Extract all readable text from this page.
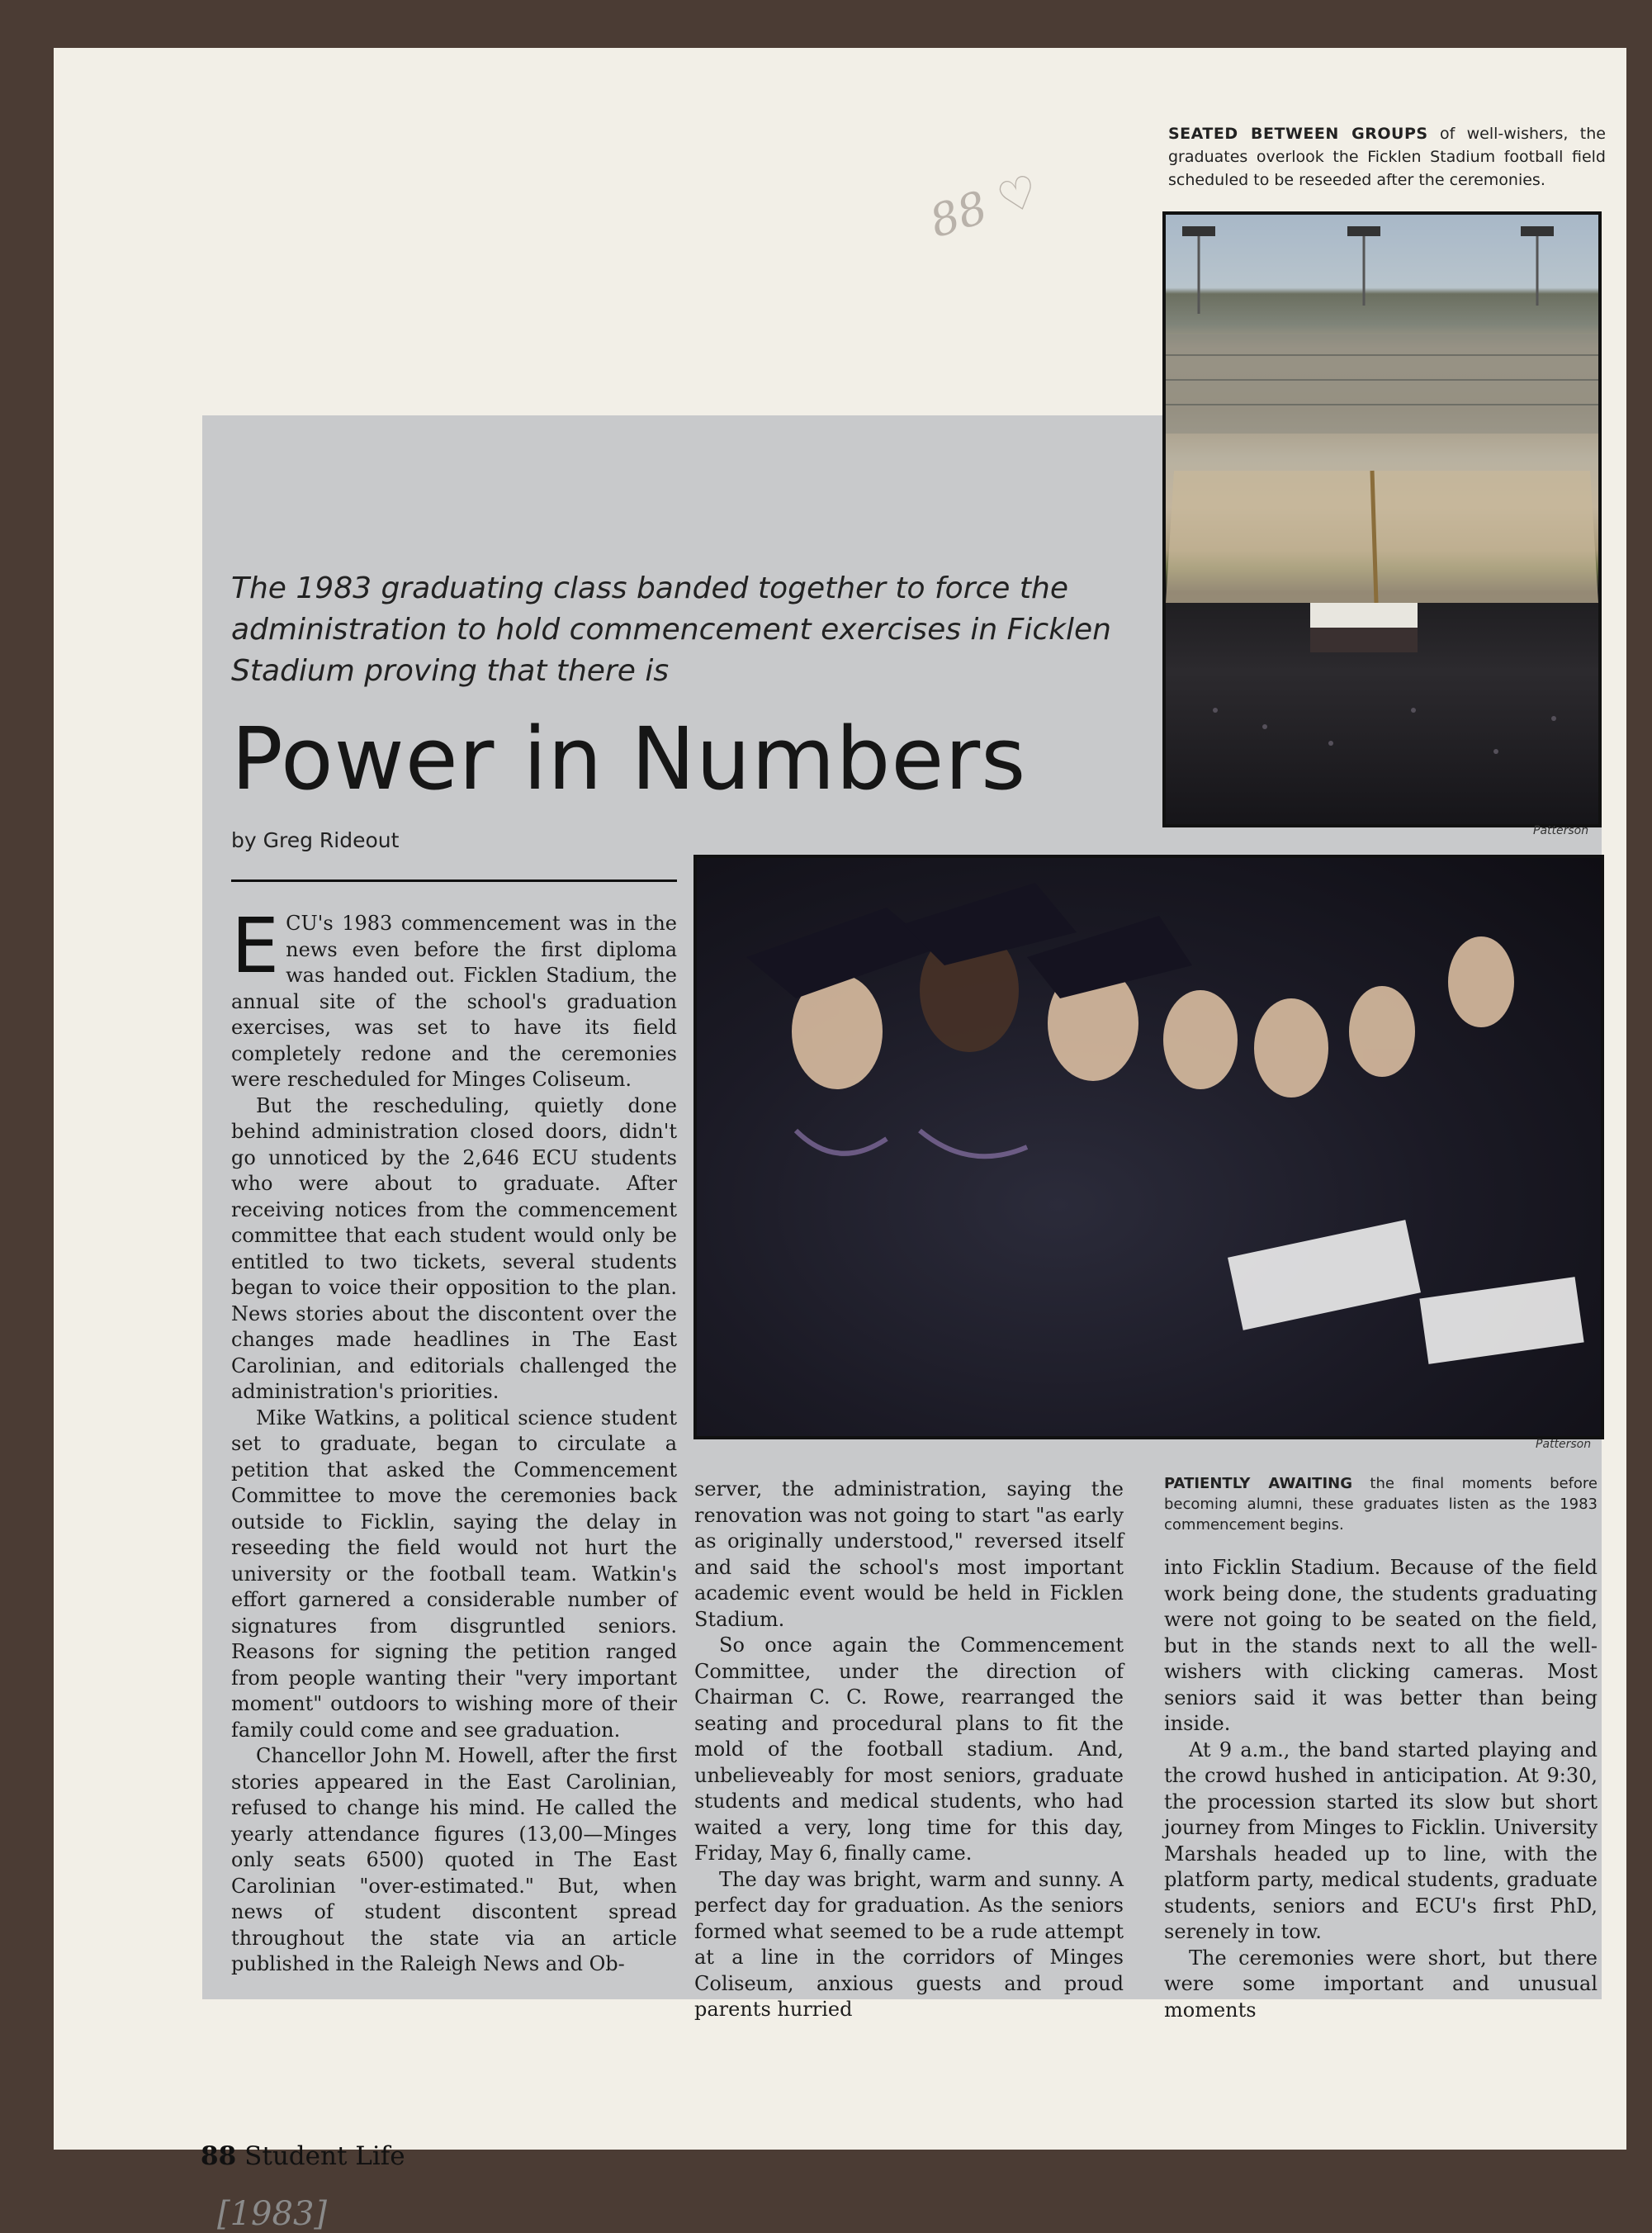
88 ♡
SEATED BETWEEN GROUPS of well-wishers, the graduates overlook the Ficklen Stadium football field scheduled to be reseeded after the ceremonies.
Patterson
The 1983 graduating class banded together to force the administration to hold commencement exercises in Ficklen Stadium proving that there is
Power in Numbers
by Greg Rideout
Patterson

ECU's 1983 commencement was in the news even before the first diploma was handed out. Ficklen Stadium, the annual site of the school's graduation exercises, was set to have its field completely redone and the ceremonies were rescheduled for Minges Coliseum.

But the rescheduling, quietly done behind administration closed doors, didn't go unnoticed by the 2,646 ECU students who were about to graduate. After receiving notices from the commencement committee that each student would only be entitled to two tickets, several students began to voice their opposition to the plan. News stories about the discontent over the changes made headlines in The East Carolinian, and editorials challenged the administration's priorities.

Mike Watkins, a political science student set to graduate, began to circulate a petition that asked the Commencement Committee to move the ceremonies back outside to Ficklin, saying the delay in reseeding the field would not hurt the university or the football team. Watkin's effort garnered a considerable number of signatures from disgruntled seniors. Reasons for signing the petition ranged from people wanting their "very important moment" outdoors to wishing more of their family could come and see graduation.

Chancellor John M. Howell, after the first stories appeared in the East Carolinian, refused to change his mind. He called the yearly attendance figures (13,00—Minges only seats 6500) quoted in The East Carolinian "over-estimated." But, when news of student discontent spread throughout the state via an article published in the Raleigh News and Ob-

server, the administration, saying the renovation was not going to start "as early as originally understood," reversed itself and said the school's most important academic event would be held in Ficklen Stadium.

So once again the Commencement Committee, under the direction of Chairman C. C. Rowe, rearranged the seating and procedural plans to fit the mold of the football stadium. And, unbelieveably for most seniors, graduate students and medical students, who had waited a very, long time for this day, Friday, May 6, finally came.

The day was bright, warm and sunny. A perfect day for graduation. As the seniors formed what seemed to be a rude attempt at a line in the corridors of Minges Coliseum, anxious guests and proud parents hurried

PATIENTLY AWAITING the final moments before becoming alumni, these graduates listen as the 1983 commencement begins.

into Ficklin Stadium. Because of the field work being done, the students graduating were not going to be seated on the field, but in the stands next to all the well-wishers with clicking cameras. Most seniors said it was better than being inside.

At 9 a.m., the band started playing and the crowd hushed in anticipation. At 9:30, the procession started its slow but short journey from Minges to Ficklin. University Marshals headed up to line, with the platform party, medical students, graduate students, seniors and ECU's first PhD, serenely in tow.

The ceremonies were short, but there were some important and unusual moments

88 Student Life
[1983]
